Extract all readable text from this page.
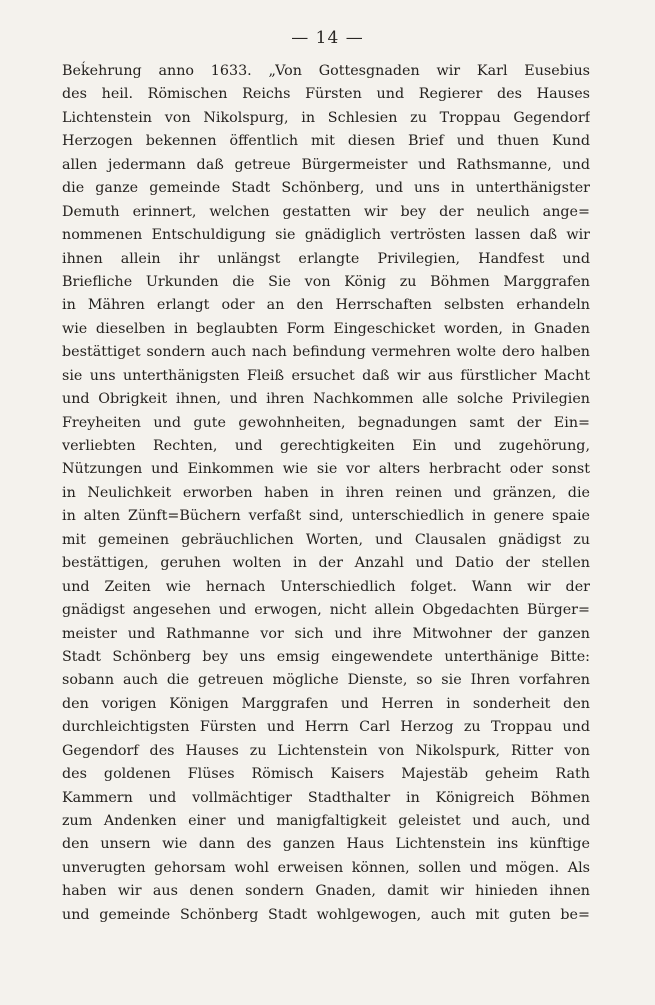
— 14 —
Beḱehrung anno 1633. „Von Gottesgnaden wir Karl Eusebius
des heil. Römischen Reichs Fürsten und Regierer des Hauses
Lichtenstein von Nikolspurg, in Schlesien zu Troppau Gegendorf
Herzogen bekennen öffentlich mit diesen Brief und thuen Kund
allen jedermann daß getreue Bürgermeister und Rathsmanne, und
die ganze gemeinde Stadt Schönberg, und uns in unterthänigster
Demuth erinnert, welchen gestatten wir bey der neulich ange=
nommenen Entschuldigung sie gnädiglich vertrösten lassen daß wir
ihnen allein ihr unlängst erlangte Privilegien, Handfest und
Briefliche Urkunden die Sie von König zu Böhmen Marggrafen
in Mähren erlangt oder an den Herrschaften selbsten erhandeln
wie dieselben in beglaubten Form Eingeschicket worden, in Gnaden
bestättiget sondern auch nach befindung vermehren wolte dero halben
sie uns unterthänigsten Fleiß ersuchet daß wir aus fürstlicher Macht
und Obrigkeit ihnen, und ihren Nachkommen alle solche Privilegien
Freyheiten und gute gewohnheiten, begnadungen samt der Ein=
verliebten Rechten, und gerechtigkeiten Ein und zugehörung,
Nützungen und Einkommen wie sie vor alters herbracht oder sonst
in Neulichkeit erworben haben in ihren reinen und gränzen, die
in alten Zünft=Büchern verfaßt sind, unterschiedlich in genere spaie
mit gemeinen gebräuchlichen Worten, und Clausalen gnädigst zu
bestättigen, geruhen wolten in der Anzahl und Datio der stellen
und Zeiten wie hernach Unterschiedlich folget. Wann wir der
gnädigst angesehen und erwogen, nicht allein Obgedachten Bürger=
meister und Rathmanne vor sich und ihre Mitwohner der ganzen
Stadt Schönberg bey uns emsig eingewendete unterthänige Bitte:
sobann auch die getreuen mögliche Dienste, so sie Ihren vorfahren
den vorigen Königen Marggrafen und Herren in sonderheit den
durchleichtigsten Fürsten und Herrn Carl Herzog zu Troppau und
Gegendorf des Hauses zu Lichtenstein von Nikolspurk, Ritter von
des goldenen Flüses Römisch Kaisers Majestäb geheim Rath
Kammern und vollmächtiger Stadthalter in Königreich Böhmen
zum Andenken einer und manigfaltigkeit geleistet und auch, und
den unsern wie dann des ganzen Haus Lichtenstein ins künftige
unverugten gehorsam wohl erweisen können, sollen und mögen. Als
haben wir aus denen sondern Gnaden, damit wir hinieden ihnen
und gemeinde Schönberg Stadt wohlgewogen, auch mit guten be=
